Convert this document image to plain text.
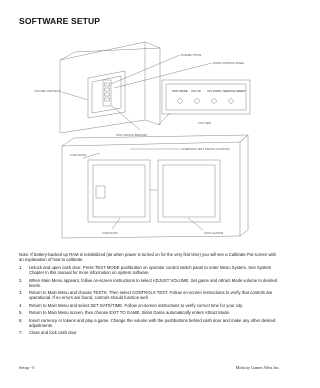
SOFTWARE SETUP
PUSHBUTTONS
DOOR CONTROL PANEL
VOLUME CONTROLS
TEST SWITCH BRACKET
TOP VIEW
TEST MODE VOL UP VOL DOWN SERVICE CREDIT
ALTERNATE TEST SWITCH LOCATION
CASH DOOR
COIN DOOR	COIN CHASSIS

Note: If battery-backed up RAM is reinitialized (as when power is turned on for the very first time) you will see a Calibrate Pot screen with an explanation of how to calibrate.

1.	Unlock and open cash door. Press TEST MODE pushbutton on operator control switch panel to enter Menu System. See System Chapter in this manual for more information on system software.
2.	When Main Menu appears, follow on-screen instructions to select ADJUST VOLUME. Set game and Attract Mode volume to desired levels.
3.	Return to Main Menu and choose TESTS. Then select CONTROLS TEST. Follow on-screen instructions to verify that controls are operational. If no errors are found, controls should function well.
4.	Return to Main Menu and select SET DATE/TIME. Follow on-screen instructions to verify correct time for your city.
5.	Return to Main Menu screen, then choose EXIT TO GAME. Skins Game automatically enters Attract Mode.
6.	Insert currency or tokens and play a game. Change the volume with the pushbuttons behind cash door and make any other desired adjustments.
7.	Close and lock cash door
Setup - 6	Midway Games West Inc.
